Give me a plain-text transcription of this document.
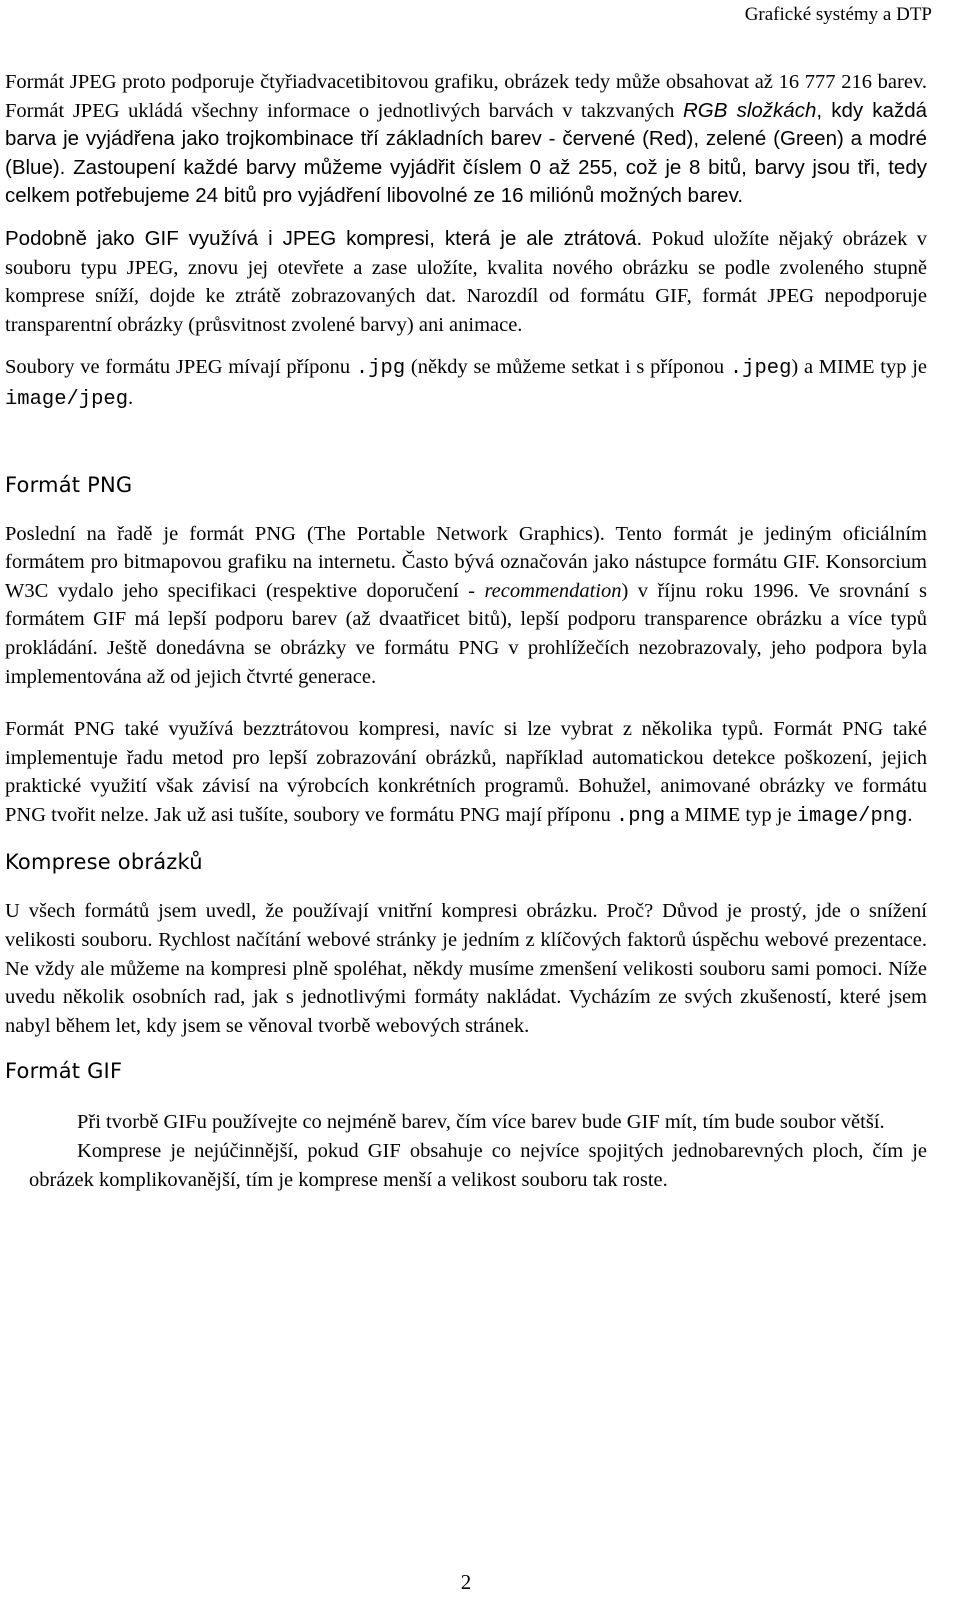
Grafické systémy a DTP

Formát JPEG proto podporuje čtyřiadvacetibitovou grafiku, obrázek tedy může obsahovat až 16 777 216 barev. Formát JPEG ukládá všechny informace o jednotlivých barvách v takzvaných RGB složkách, kdy každá barva je vyjádřena jako trojkombinace tří základních barev - červené (Red), zelené (Green) a modré (Blue). Zastoupení každé barvy můžeme vyjádřit číslem 0 až 255, což je 8 bitů, barvy jsou tři, tedy celkem potřebujeme 24 bitů pro vyjádření libovolné ze 16 miliónů možných barev.

Podobně jako GIF využívá i JPEG kompresi, která je ale ztrátová. Pokud uložíte nějaký obrázek v souboru typu JPEG, znovu jej otevřete a zase uložíte, kvalita nového obrázku se podle zvoleného stupně komprese sníží, dojde ke ztrátě zobrazovaných dat. Narozdíl od formátu GIF, formát JPEG nepodporuje transparentní obrázky (průsvitnost zvolené barvy) ani animace.

Soubory ve formátu JPEG mívají příponu .jpg (někdy se můžeme setkat i s příponou .jpeg) a MIME typ je image/jpeg.

Formát PNG

Poslední na řadě je formát PNG (The Portable Network Graphics). Tento formát je jediným oficiálním formátem pro bitmapovou grafiku na internetu. Často bývá označován jako nástupce formátu GIF. Konsorcium W3C vydalo jeho specifikaci (respektive doporučení - recommendation) v říjnu roku 1996. Ve srovnání s formátem GIF má lepší podporu barev (až dvaatřicet bitů), lepší podporu transparence obrázku a více typů prokládání. Ještě donedávna se obrázky ve formátu PNG v prohlížečích nezobrazovaly, jeho podpora byla implementována až od jejich čtvrté generace.

Formát PNG také využívá bezztrátovou kompresi, navíc si lze vybrat z několika typů. Formát PNG také implementuje řadu metod pro lepší zobrazování obrázků, například automatickou detekce poškození, jejich praktické využití však závisí na výrobcích konkrétních programů. Bohužel, animované obrázky ve formátu PNG tvořit nelze. Jak už asi tušíte, soubory ve formátu PNG mají příponu .png a MIME typ je image/png.

Komprese obrázků

U všech formátů jsem uvedl, že používají vnitřní kompresi obrázku. Proč? Důvod je prostý, jde o snížení velikosti souboru. Rychlost načítání webové stránky je jedním z klíčových faktorů úspěchu webové prezentace. Ne vždy ale můžeme na kompresi plně spoléhat, někdy musíme zmenšení velikosti souboru sami pomoci. Níže uvedu několik osobních rad, jak s jednotlivými formáty nakládat. Vycházím ze svých zkušeností, které jsem nabyl během let, kdy jsem se věnoval tvorbě webových stránek.

Formát GIF

Při tvorbě GIFu používejte co nejméně barev, čím více barev bude GIF mít, tím bude soubor větší.

Komprese je nejúčinnější, pokud GIF obsahuje co nejvíce spojitých jednobarevných ploch, čím je obrázek komplikovanější, tím je komprese menší a velikost souboru tak roste.

2
